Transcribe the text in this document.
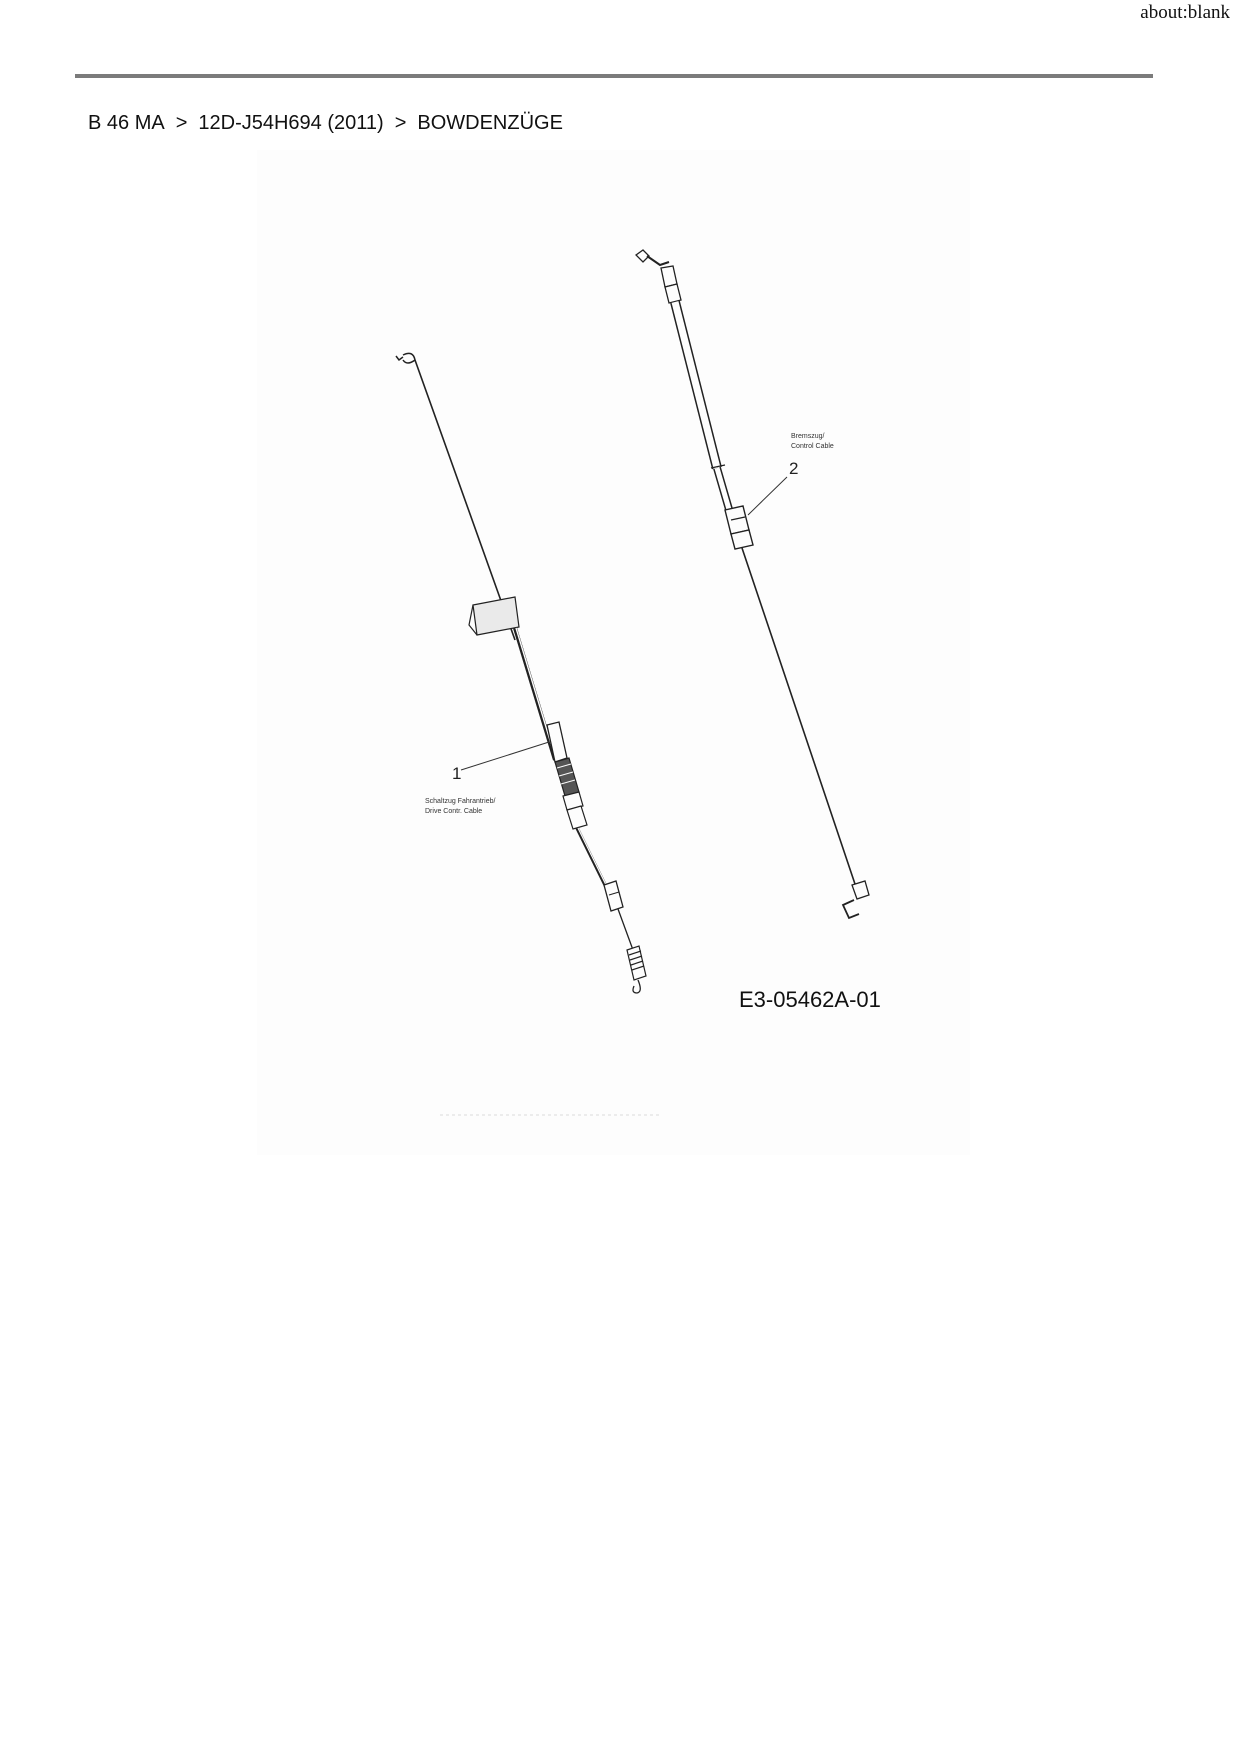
about:blank
B 46 MA > 12D-J54H694 (2011) > BOWDENZÜGE
1
Schaltzug Fahrantrieb/
Drive Contr. Cable
2
Bremszug/
Control Cable
E3-05462A-01
